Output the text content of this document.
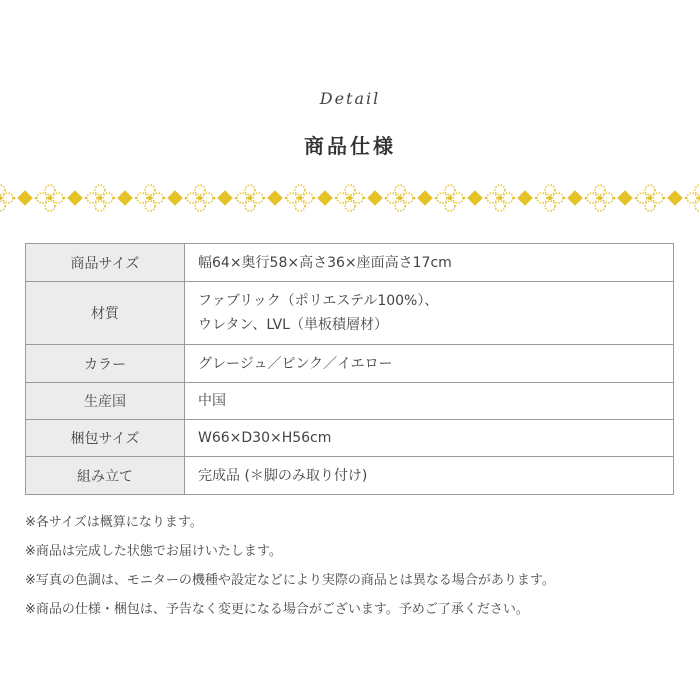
Detail
商品仕様
商品サイズ	幅64×奥行58×高さ36×座面高さ17cm

材質	ファブリック（ポリエステル100%）、
ウレタン、LVL（単板積層材）

カラー	グレージュ／ピンク／イエロー

生産国	中国

梱包サイズ	W66×D30×H56cm

組み立て	完成品 (＊脚のみ取り付け)
※各サイズは概算になります。
※商品は完成した状態でお届けいたします。
※写真の色調は、モニターの機種や設定などにより実際の商品とは異なる場合があります。
※商品の仕様・梱包は、予告なく変更になる場合がございます。予めご了承ください。
